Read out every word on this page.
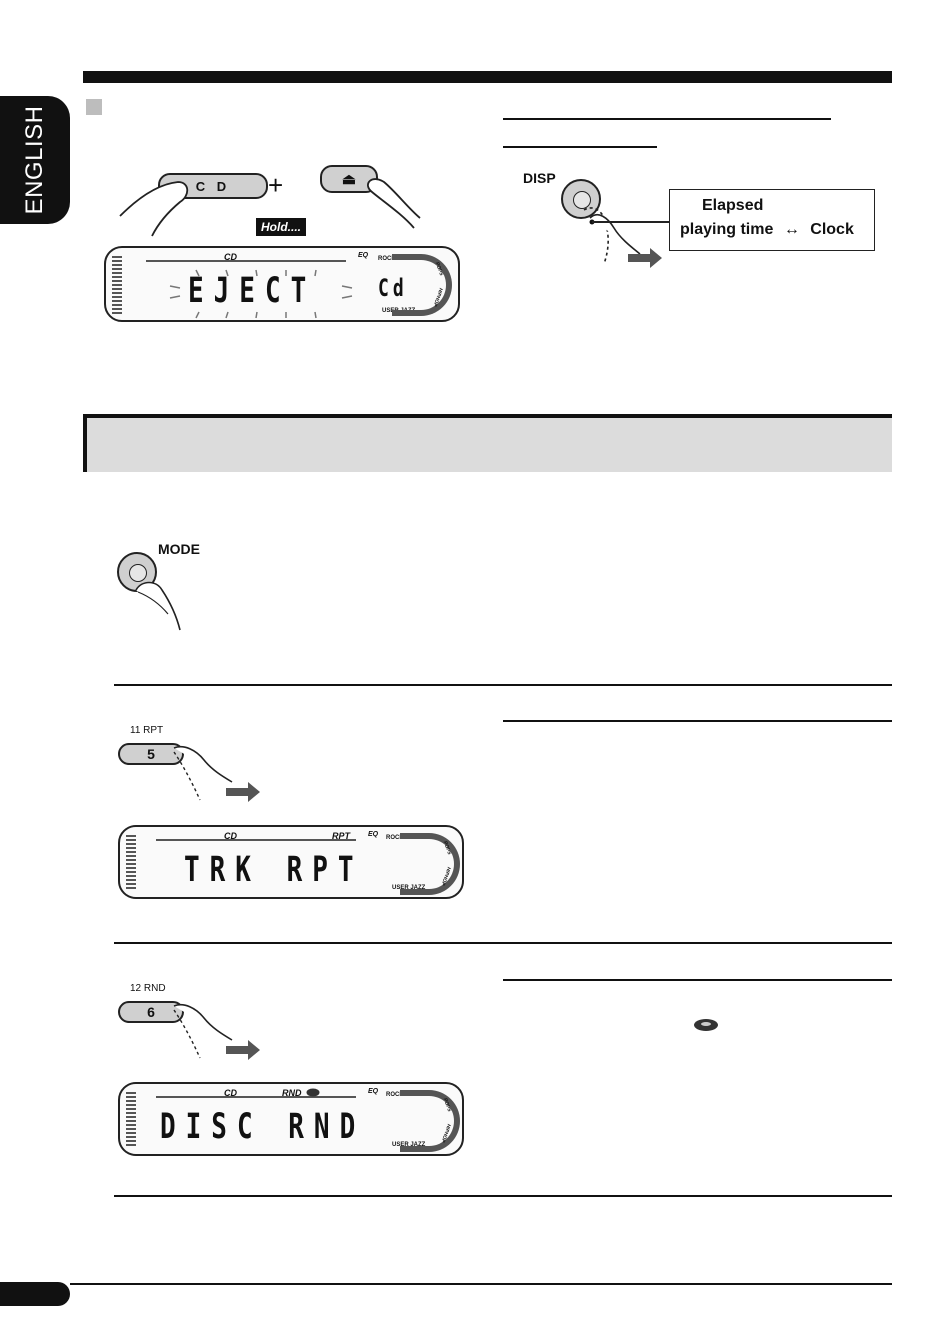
ENGLISH	C D	+	⏏
Hold....
CD	EQ ROCK CLASSIC
USER JAZZ
POPS
HIPHOP
EJECT	Cd
DISP
Elapsed
playing time ↔ Clock
MODE
11 RPT
5
CD	RPT	EQ ROCK CLASSIC
USER JAZZ
POPS
HIPHOP
TRK RPT
12 RND
6
CD	RND	EQ ROCK CLASSIC
USER JAZZ
POPS
HIPHOP
DISC RND
